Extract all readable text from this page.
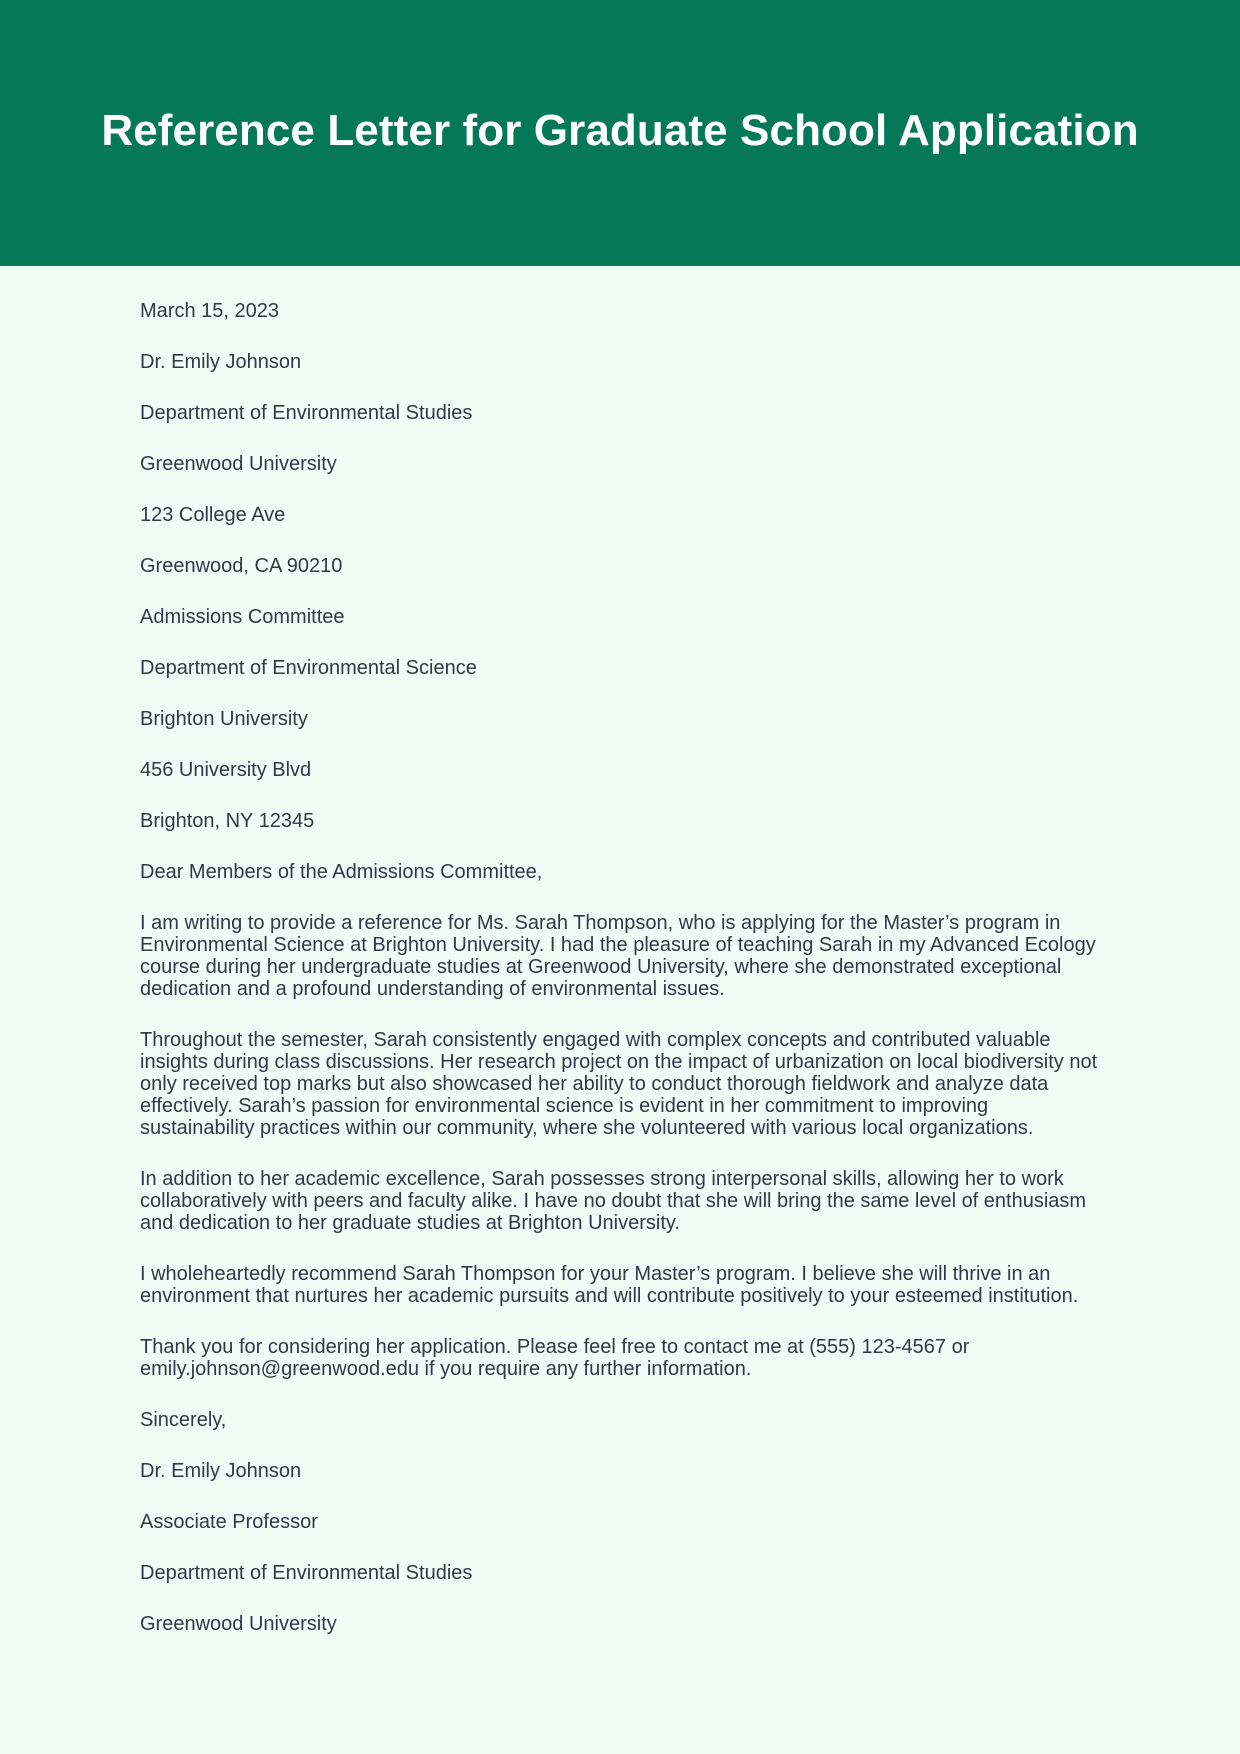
Reference Letter for Graduate School Application

March 15, 2023

Dr. Emily Johnson

Department of Environmental Studies

Greenwood University

123 College Ave

Greenwood, CA 90210

Admissions Committee

Department of Environmental Science

Brighton University

456 University Blvd

Brighton, NY 12345

Dear Members of the Admissions Committee,

I am writing to provide a reference for Ms. Sarah Thompson, who is applying for the Master’s program in Environmental Science at Brighton University. I had the pleasure of teaching Sarah in my Advanced Ecology course during her undergraduate studies at Greenwood University, where she demonstrated exceptional dedication and a profound understanding of environmental issues.

Throughout the semester, Sarah consistently engaged with complex concepts and contributed valuable insights during class discussions. Her research project on the impact of urbanization on local biodiversity not only received top marks but also showcased her ability to conduct thorough fieldwork and analyze data effectively. Sarah’s passion for environmental science is evident in her commitment to improving sustainability practices within our community, where she volunteered with various local organizations.

In addition to her academic excellence, Sarah possesses strong interpersonal skills, allowing her to work collaboratively with peers and faculty alike. I have no doubt that she will bring the same level of enthusiasm and dedication to her graduate studies at Brighton University.

I wholeheartedly recommend Sarah Thompson for your Master’s program. I believe she will thrive in an environment that nurtures her academic pursuits and will contribute positively to your esteemed institution.

Thank you for considering her application. Please feel free to contact me at (555) 123-4567 or emily.johnson@greenwood.edu if you require any further information.

Sincerely,

Dr. Emily Johnson

Associate Professor

Department of Environmental Studies

Greenwood University
